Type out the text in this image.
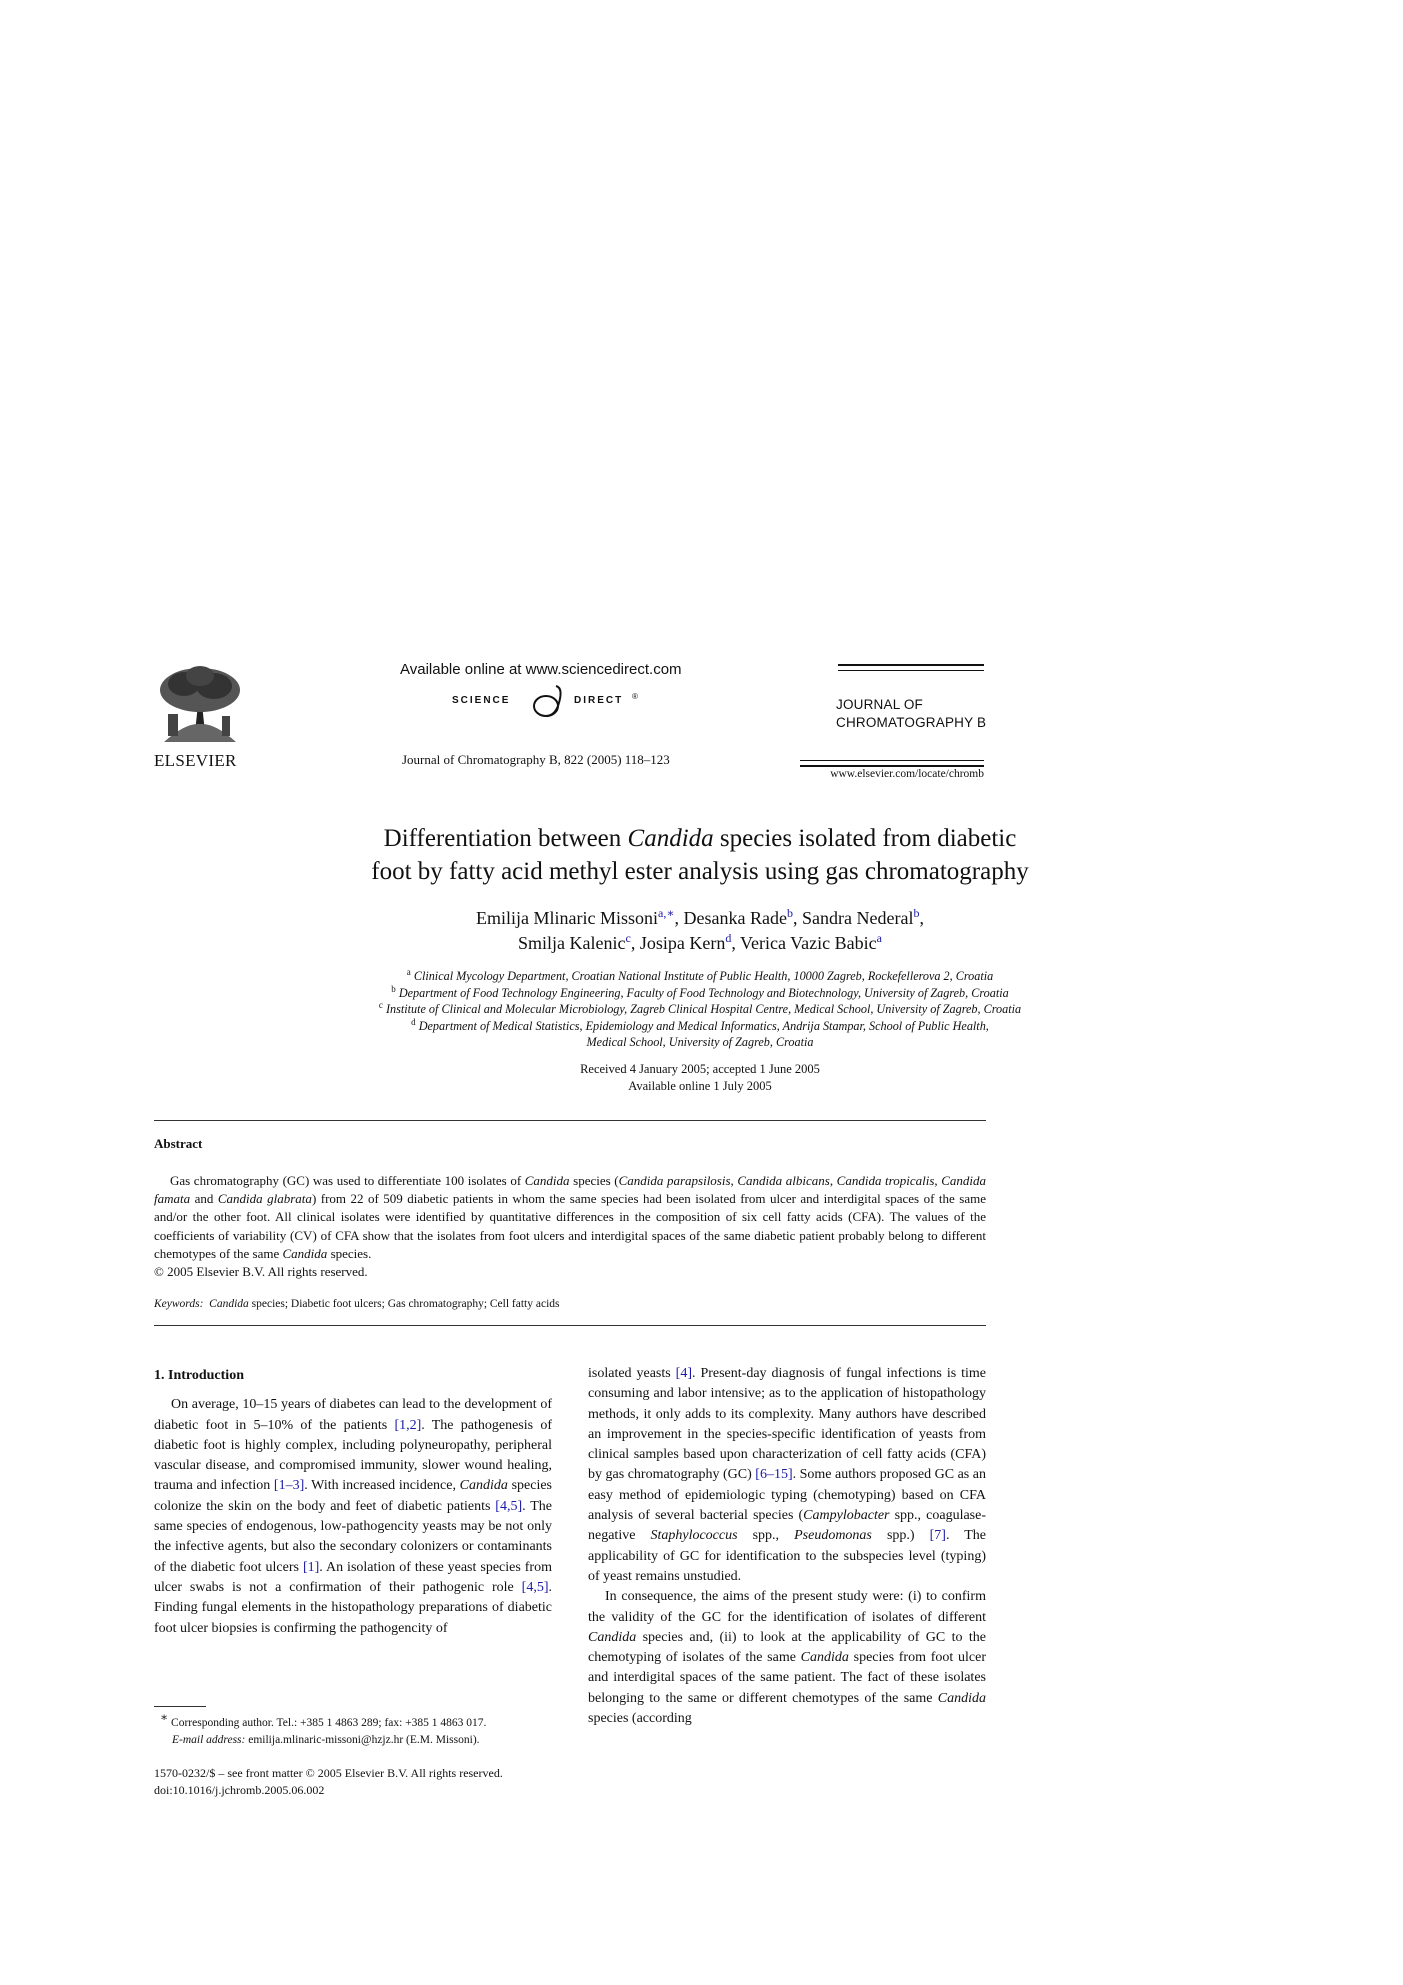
ELSEVIER
Available online at www.sciencedirect.com
SCIENCE	DIRECT ®
Journal of Chromatography B, 822 (2005) 118–123
JOURNAL OF
CHROMATOGRAPHY B
www.elsevier.com/locate/chromb
Differentiation between Candida species isolated from diabetic
foot by fatty acid methyl ester analysis using gas chromatography
Emilija Mlinaric Missoni$^{a,∗}$, Desanka Rade$^b$, Sandra Nederal$^b$,
Smilja Kalenic$^c$, Josipa Kern$^d$, Verica Vazic Babic$^a$
$^a$ Clinical Mycology Department, Croatian National Institute of Public Health, 10000 Zagreb, Rockefellerova 2, Croatia
$^b$ Department of Food Technology Engineering, Faculty of Food Technology and Biotechnology, University of Zagreb, Croatia
$^c$ Institute of Clinical and Molecular Microbiology, Zagreb Clinical Hospital Centre, Medical School, University of Zagreb, Croatia
$^d$ Department of Medical Statistics, Epidemiology and Medical Informatics, Andrija Stampar, School of Public Health,
Medical School, University of Zagreb, Croatia
Received 4 January 2005; accepted 1 June 2005
Available online 1 July 2005
Abstract
Gas chromatography (GC) was used to differentiate 100 isolates of Candida species (Candida parapsilosis, Candida albicans, Candida tropicalis, Candida famata and Candida glabrata) from 22 of 509 diabetic patients in whom the same species had been isolated from ulcer and interdigital spaces of the same and/or the other foot. All clinical isolates were identified by quantitative differences in the composition of six cell fatty acids (CFA). The values of the coefficients of variability (CV) of CFA show that the isolates from foot ulcers and interdigital spaces of the same diabetic patient probably belong to different chemotypes of the same Candida species.
© 2005 Elsevier B.V. All rights reserved.
Keywords: Candida species; Diabetic foot ulcers; Gas chromatography; Cell fatty acids
1. Introduction

On average, 10–15 years of diabetes can lead to the development of diabetic foot in 5–10% of the patients [1,2]. The pathogenesis of diabetic foot is highly complex, including polyneuropathy, peripheral vascular disease, and compromised immunity, slower wound healing, trauma and infection [1–3]. With increased incidence, Candida species colonize the skin on the body and feet of diabetic patients [4,5]. The same species of endogenous, low-pathogencity yeasts may be not only the infective agents, but also the secondary colonizers or contaminants of the diabetic foot ulcers [1]. An isolation of these yeast species from ulcer swabs is not a confirmation of their pathogenic role [4,5]. Finding fungal elements in the histopathology preparations of diabetic foot ulcer biopsies is confirming the pathogencity of

isolated yeasts [4]. Present-day diagnosis of fungal infections is time consuming and labor intensive; as to the application of histopathology methods, it only adds to its complexity. Many authors have described an improvement in the species-specific identification of yeasts from clinical samples based upon characterization of cell fatty acids (CFA) by gas chromatography (GC) [6–15]. Some authors proposed GC as an easy method of epidemiologic typing (chemotyping) based on CFA analysis of several bacterial species (Campylobacter spp., coagulase-negative Staphylococcus spp., Pseudomonas spp.) [7]. The applicability of GC for identification to the subspecies level (typing) of yeast remains unstudied.

In consequence, the aims of the present study were: (i) to confirm the validity of the GC for the identification of isolates of different Candida species and, (ii) to look at the applicability of GC to the chemotyping of isolates of the same Candida species from foot ulcer and interdigital spaces of the same patient. The fact of these isolates belonging to the same or different chemotypes of the same Candida species (according

∗ Corresponding author. Tel.: +385 1 4863 289; fax: +385 1 4863 017.
E-mail address: emilija.mlinaric-missoni@hzjz.hr (E.M. Missoni).
1570-0232/$ – see front matter © 2005 Elsevier B.V. All rights reserved.
doi:10.1016/j.jchromb.2005.06.002
